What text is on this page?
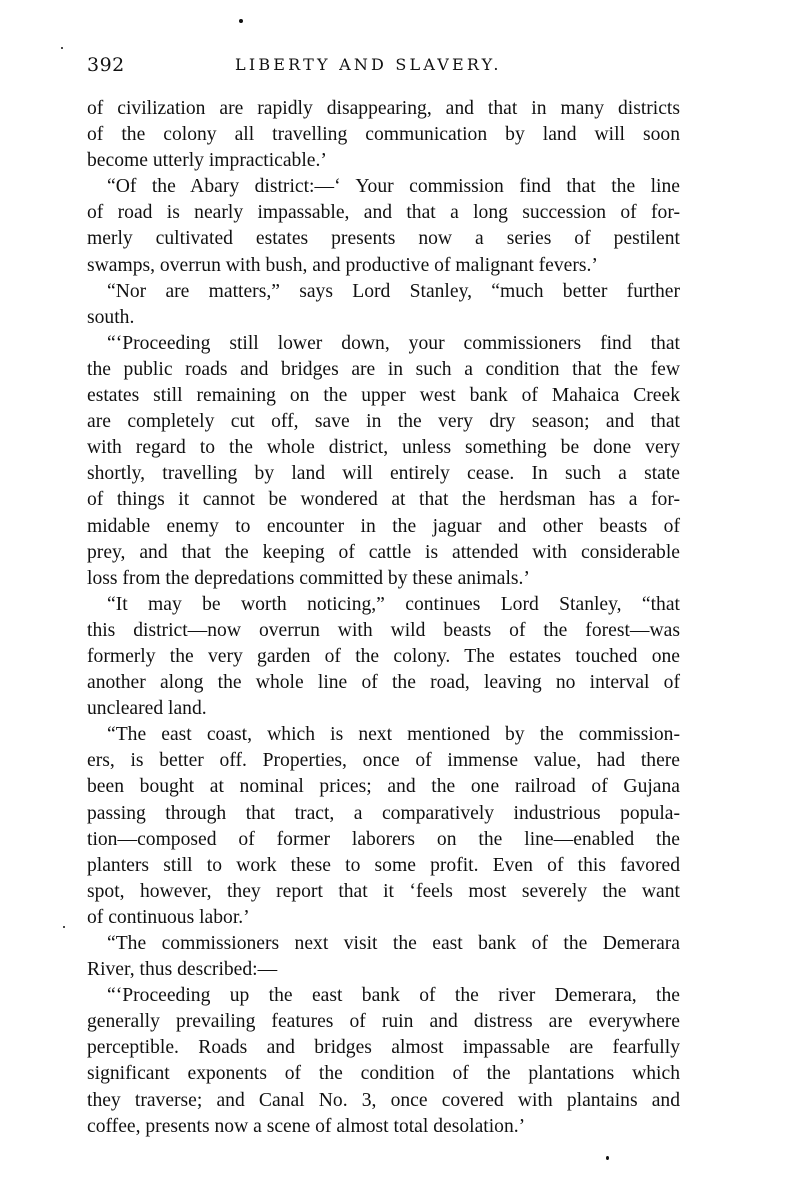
392	LIBERTY AND SLAVERY.
of civilization are rapidly disappearing, and that in many districts
of the colony all travelling communication by land will soon
become utterly impracticable.’
“Of the Abary district:—‘ Your commission find that the line
of road is nearly impassable, and that a long succession of for-
merly cultivated estates presents now a series of pestilent
swamps, overrun with bush, and productive of malignant fevers.’
“Nor are matters,” says Lord Stanley, “much better further
south.
“‘Proceeding still lower down, your commissioners find that
the public roads and bridges are in such a condition that the few
estates still remaining on the upper west bank of Mahaica Creek
are completely cut off, save in the very dry season; and that
with regard to the whole district, unless something be done very
shortly, travelling by land will entirely cease. In such a state
of things it cannot be wondered at that the herdsman has a for-
midable enemy to encounter in the jaguar and other beasts of
prey, and that the keeping of cattle is attended with considerable
loss from the depredations committed by these animals.’
“It may be worth noticing,” continues Lord Stanley, “that
this district—now overrun with wild beasts of the forest—was
formerly the very garden of the colony. The estates touched one
another along the whole line of the road, leaving no interval of
uncleared land.
“The east coast, which is next mentioned by the commission-
ers, is better off. Properties, once of immense value, had there
been bought at nominal prices; and the one railroad of Gujana
passing through that tract, a comparatively industrious popula-
tion—composed of former laborers on the line—enabled the
planters still to work these to some profit. Even of this favored
spot, however, they report that it ‘feels most severely the want
of continuous labor.’
“The commissioners next visit the east bank of the Demerara
River, thus described:—
“‘Proceeding up the east bank of the river Demerara, the
generally prevailing features of ruin and distress are everywhere
perceptible. Roads and bridges almost impassable are fearfully
significant exponents of the condition of the plantations which
they traverse; and Canal No. 3, once covered with plantains and
coffee, presents now a scene of almost total desolation.’
